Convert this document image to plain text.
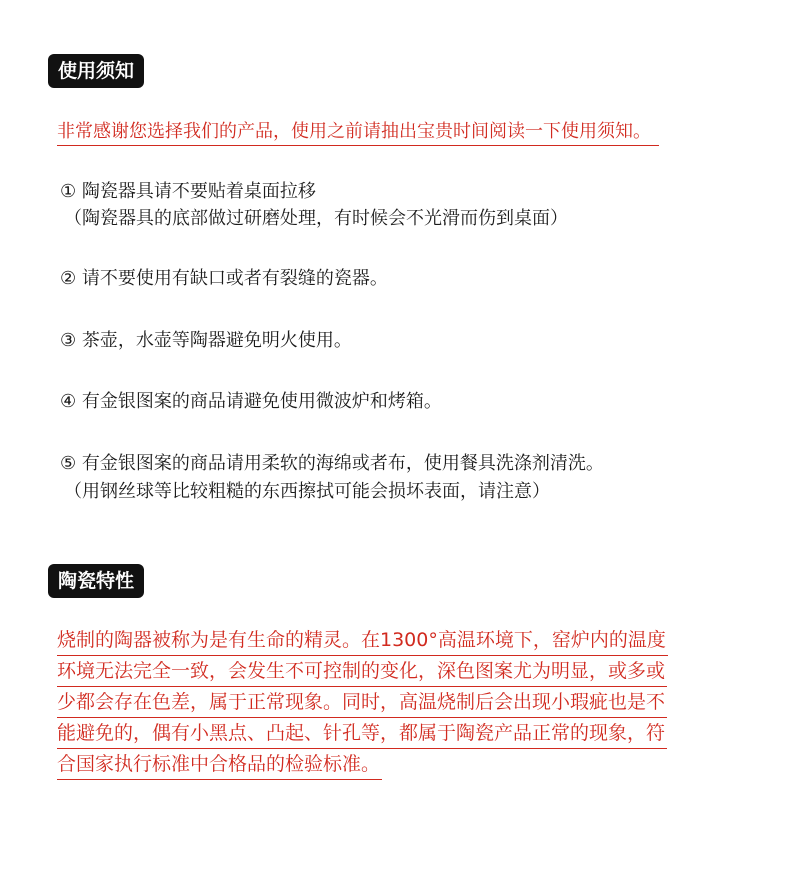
使用须知
非常感谢您选择我们的产品，使用之前请抽出宝贵时间阅读一下使用须知。
① 陶瓷器具请不要贴着桌面拉移
（陶瓷器具的底部做过研磨处理，有时候会不光滑而伤到桌面）
② 请不要使用有缺口或者有裂缝的瓷器。
③ 茶壶，水壶等陶器避免明火使用。
④ 有金银图案的商品请避免使用微波炉和烤箱。
⑤ 有金银图案的商品请用柔软的海绵或者布，使用餐具洗涤剂清洗。
（用钢丝球等比较粗糙的东西擦拭可能会损坏表面，请注意）
陶瓷特性
烧制的陶器被称为是有生命的精灵。在1300°高温环境下，窑炉内的温度
环境无法完全一致，会发生不可控制的变化，深色图案尤为明显，或多或
少都会存在色差，属于正常现象。同时，高温烧制后会出现小瑕疵也是不
能避免的，偶有小黑点、凸起、针孔等，都属于陶瓷产品正常的现象，符
合国家执行标准中合格品的检验标准。
